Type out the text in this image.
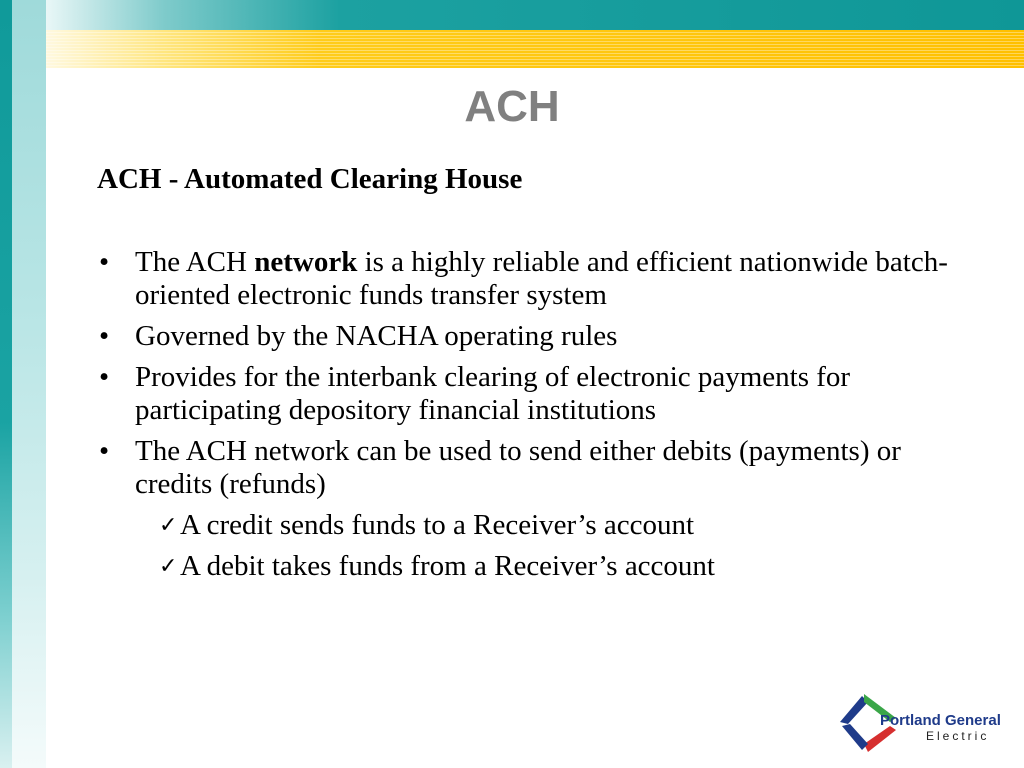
ACH
ACH - Automated Clearing House
• The ACH network is a highly reliable and efficient nationwide batch-oriented electronic funds transfer system
• Governed by the NACHA operating rules
• Provides for the interbank clearing of electronic payments for participating depository financial institutions
• The ACH network can be used to send either debits (payments) or credits (refunds)
✓ A credit sends funds to a Receiver’s account
✓ A debit takes funds from a Receiver’s account
Portland General
Electric
